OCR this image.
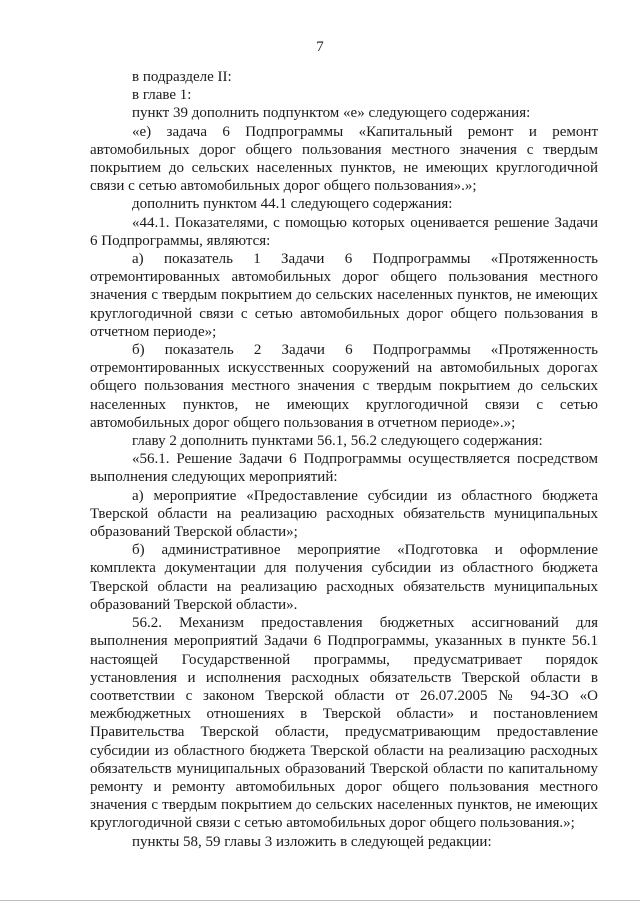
7

в подразделе II:

в главе 1:

пункт 39 дополнить подпунктом «е» следующего содержания:

«е) задача 6 Подпрограммы «Капитальный ремонт и ремонт автомобильных дорог общего пользования местного значения с твердым покрытием до сельских населенных пунктов, не имеющих круглогодичной связи с сетью автомобильных дорог общего пользования».»;

дополнить пунктом 44.1 следующего содержания:

«44.1. Показателями, с помощью которых оценивается решение Задачи 6 Подпрограммы, являются:

а) показатель 1 Задачи 6 Подпрограммы «Протяженность отремонтированных автомобильных дорог общего пользования местного значения с твердым покрытием до сельских населенных пунктов, не имеющих круглогодичной связи с сетью автомобильных дорог общего пользования в отчетном периоде»;

б) показатель 2 Задачи 6 Подпрограммы «Протяженность отремонтированных искусственных сооружений на автомобильных дорогах общего пользования местного значения с твердым покрытием до сельских населенных пунктов, не имеющих круглогодичной связи с сетью автомобильных дорог общего пользования в отчетном периоде».»;

главу 2 дополнить пунктами 56.1, 56.2 следующего содержания:

«56.1. Решение Задачи 6 Подпрограммы осуществляется посредством выполнения следующих мероприятий:

а) мероприятие «Предоставление субсидии из областного бюджета Тверской области на реализацию расходных обязательств муниципальных образований Тверской области»;

б) административное мероприятие «Подготовка и оформление комплекта документации для получения субсидии из областного бюджета Тверской области на реализацию расходных обязательств муниципальных образований Тверской области».

56.2. Механизм предоставления бюджетных ассигнований для выполнения мероприятий Задачи 6 Подпрограммы, указанных в пункте 56.1 настоящей Государственной программы, предусматривает порядок установления и исполнения расходных обязательств Тверской области в соответствии с законом Тверской области от 26.07.2005 № 94-ЗО «О межбюджетных отношениях в Тверской области» и постановлением Правительства Тверской области, предусматривающим предоставление субсидии из областного бюджета Тверской области на реализацию расходных обязательств муниципальных образований Тверской области по капитальному ремонту и ремонту автомобильных дорог общего пользования местного значения с твердым покрытием до сельских населенных пунктов, не имеющих круглогодичной связи с сетью автомобильных дорог общего пользования.»;

пункты 58, 59 главы 3 изложить в следующей редакции:
